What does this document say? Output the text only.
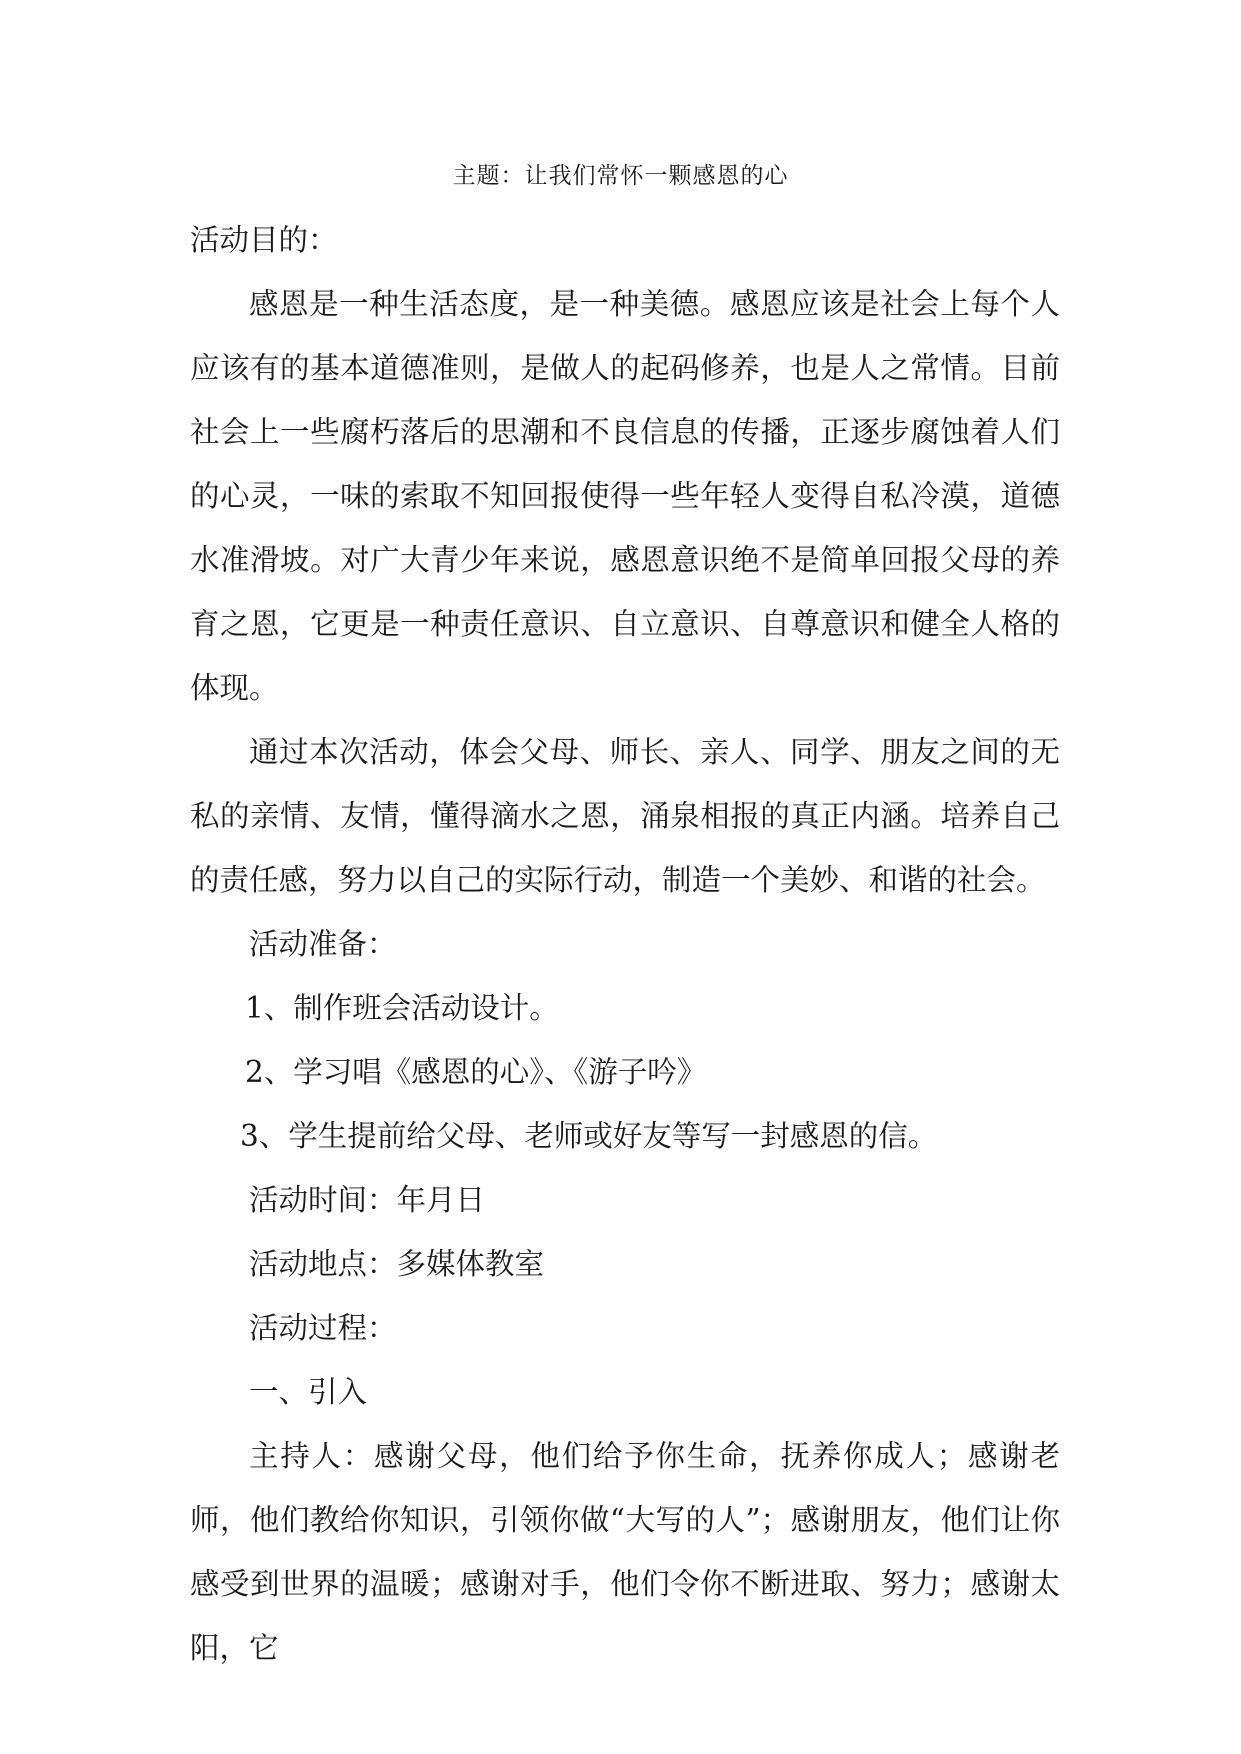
主题：让我们常怀一颗感恩的心

活动目的：

感恩是一种生活态度，是一种美德。感恩应该是社会上每个人应该有的基本道德准则，是做人的起码修养，也是人之常情。目前社会上一些腐朽落后的思潮和不良信息的传播，正逐步腐蚀着人们的心灵，一味的索取不知回报使得一些年轻人变得自私冷漠，道德水准滑坡。对广大青少年来说，感恩意识绝不是简单回报父母的养育之恩，它更是一种责任意识、自立意识、自尊意识和健全人格的体现。

通过本次活动，体会父母、师长、亲人、同学、朋友之间的无私的亲情、友情，懂得滴水之恩，涌泉相报的真正内涵。培养自己的责任感，努力以自己的实际行动，制造一个美妙、和谐的社会。

活动准备：

1、制作班会活动设计。

2、学习唱《感恩的心》、《游子吟》

3、学生提前给父母、老师或好友等写一封感恩的信。

活动时间：年月日

活动地点：多媒体教室

活动过程：

一、引入

主持人：感谢父母，他们给予你生命，抚养你成人；感谢老师，他们教给你知识，引领你做“大写的人”；感谢朋友，他们让你感受到世界的温暖；感谢对手，他们令你不断进取、努力；感谢太阳，它
